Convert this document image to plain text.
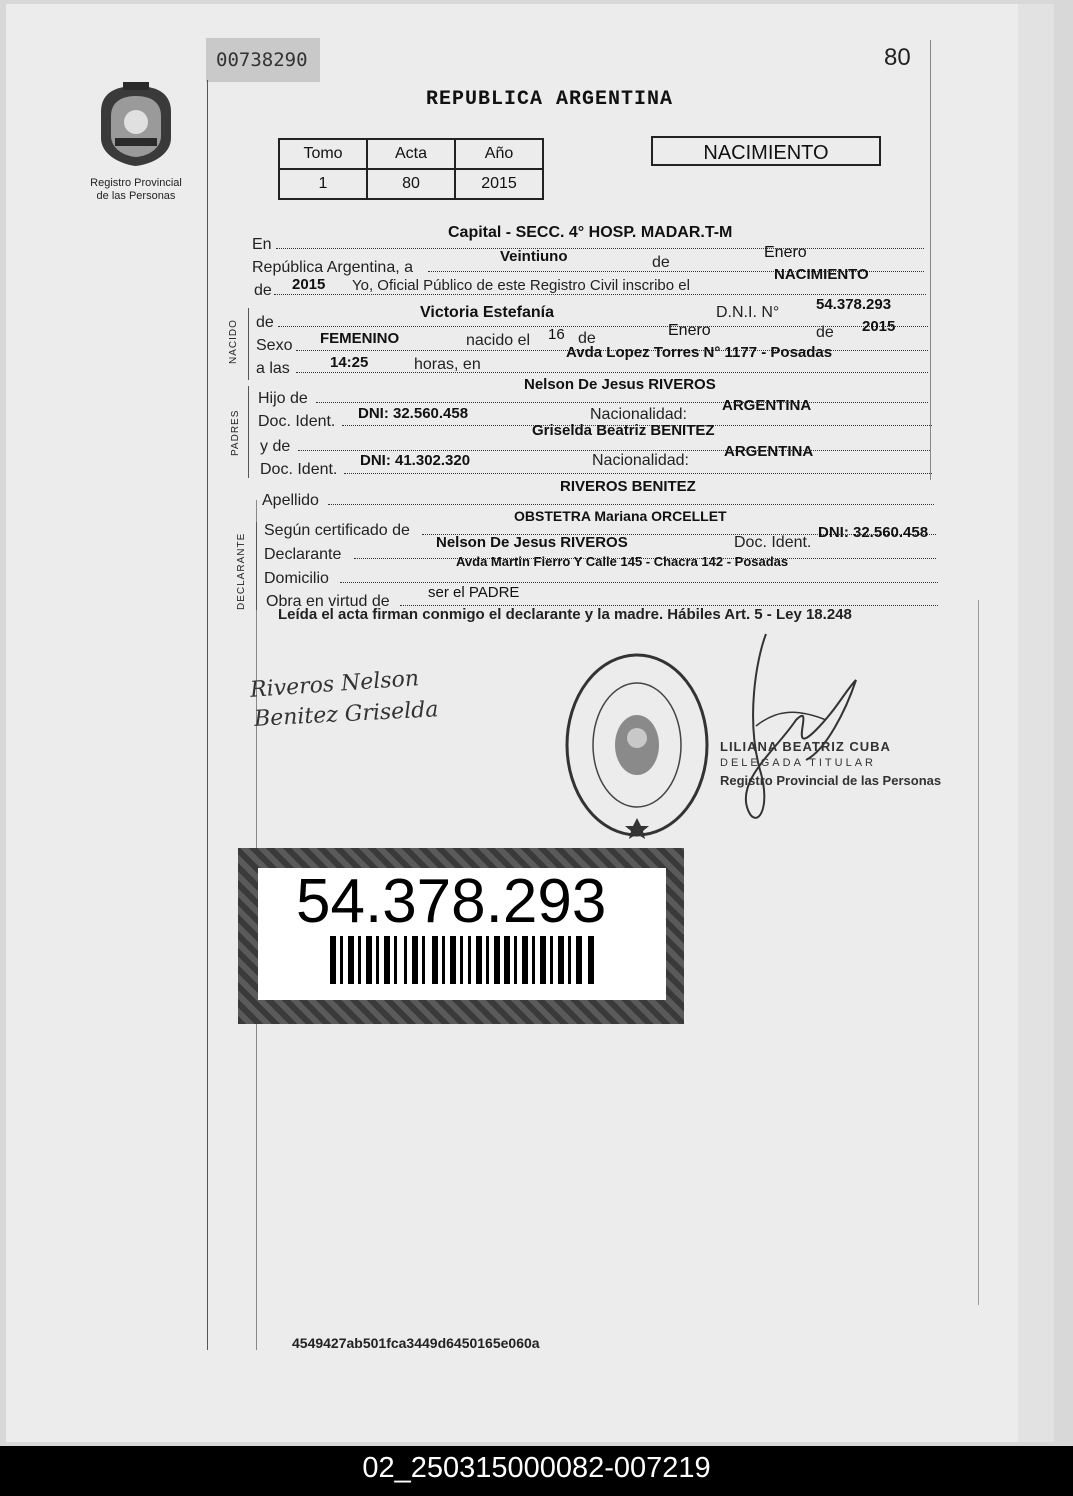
00738290	80
Registro Provincial
de las Personas
REPUBLICA ARGENTINA
Tomo	Acta	Año
1	80	2015
NACIMIENTO
En
Capital - SECC. 4° HOSP. MADAR.T-M
República Argentina, a
Veintiuno	de
Enero
de 2015 Yo, Oficial Público de este Registro Civil inscribo el
NACIMIENTO
NACIDO de
Victoria Estefanía	D.N.I. N° 54.378.293
Sexo FEMENINO	nacido el 16 de	Enero	de 2015
a las	14:25	horas, en
Avda Lopez Torres N° 1177 - Posadas
PADRES
Hijo de
Nelson De Jesus RIVEROS
Doc. Ident. DNI: 32.560.458	Nacionalidad:
ARGENTINA
y de
Griselda Beatriz BENITEZ
Doc. Ident.
DNI: 41.302.320	Nacionalidad:
ARGENTINA
Apellido
RIVEROS BENITEZ
DECLARANTE
Según certificado de
OBSTETRA Mariana ORCELLET
Declarante
Nelson De Jesus RIVEROS	Doc. Ident.
DNI: 32.560.458
Domicilio
Avda Martin Fierro Y Calle 145 - Chacra 142 - Posadas
Obra en virtud de
ser el PADRE
Leída el acta firman conmigo el declarante y la madre. Hábiles Art. 5 - Ley 18.248
Riveros Nelson
Benitez Griselda
LILIANA BEATRIZ CUBA
DELEGADA TITULAR
Registro Provincial de las Personas
54.378.293
4549427ab501fca3449d6450165e060a
02_250315000082-007219
